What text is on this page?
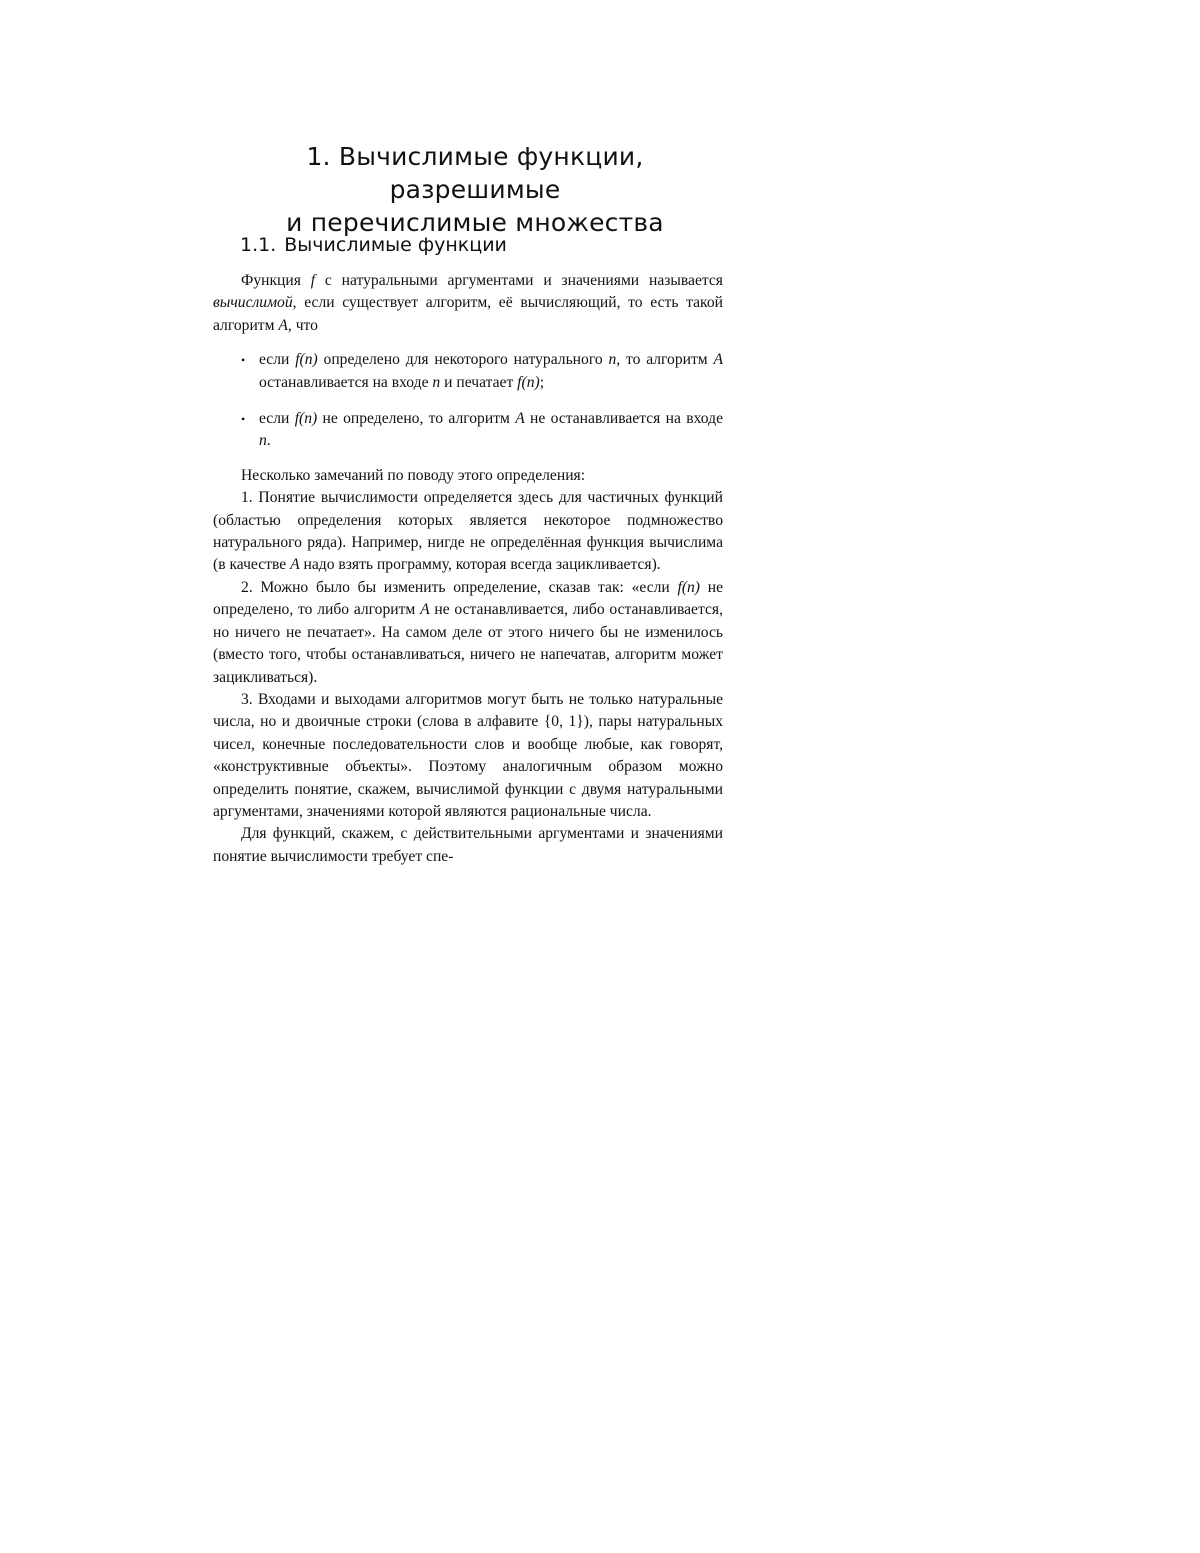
1. Вычислимые функции, разрешимые
и перечислимые множества
1.1. Вычислимые функции

Функция f с натуральными аргументами и значениями называется вычислимой, если существует алгоритм, её вычисляющий, то есть такой алгоритм A, что

• если f(n) определено для некоторого натурального n, то алгоритм A останавливается на входе n и печатает f(n);
• если f(n) не определено, то алгоритм A не останавливается на входе n.

Несколько замечаний по поводу этого определения:

1. Понятие вычислимости определяется здесь для частичных функций (областью определения которых является некоторое подмножество натурального ряда). Например, нигде не определённая функция вычислима (в качестве A надо взять программу, которая всегда зацикливается).

2. Можно было бы изменить определение, сказав так: «если f(n) не определено, то либо алгоритм A не останавливается, либо останавливается, но ничего не печатает». На самом деле от этого ничего бы не изменилось (вместо того, чтобы останавливаться, ничего не напечатав, алгоритм может зацикливаться).

3. Входами и выходами алгоритмов могут быть не только натуральные числа, но и двоичные строки (слова в алфавите {0, 1}), пары натуральных чисел, конечные последовательности слов и вообще любые, как говорят, «конструктивные объекты». Поэтому аналогичным образом можно определить понятие, скажем, вычислимой функции с двумя натуральными аргументами, значениями которой являются рациональные числа.

Для функций, скажем, с действительными аргументами и значениями понятие вычислимости требует спе-
